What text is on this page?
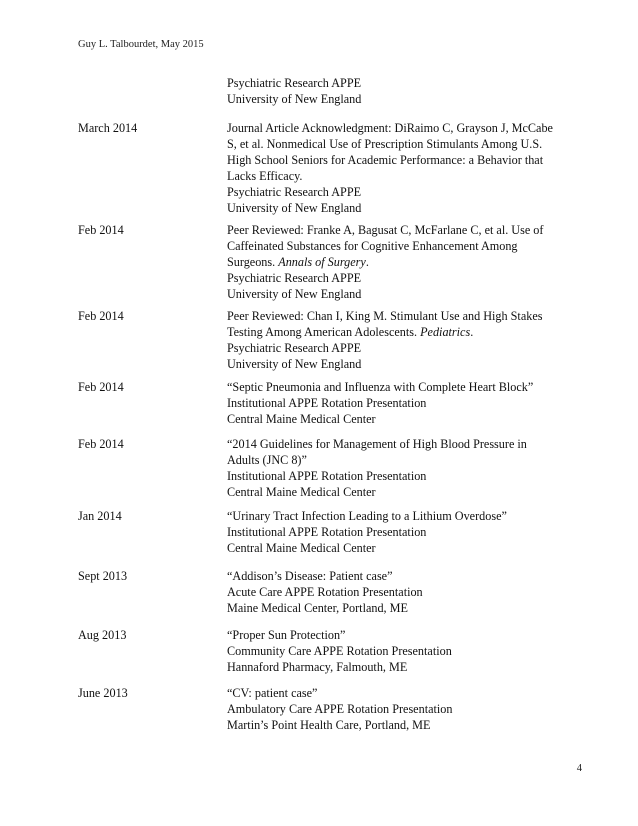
Guy L. Talbourdet, May 2015
Psychiatric Research APPE
University of New England
March 2014	Journal Article Acknowledgment: DiRaimo C, Grayson J, McCabe
S, et al. Nonmedical Use of Prescription Stimulants Among U.S.
High School Seniors for Academic Performance: a Behavior that
Lacks Efficacy.
Psychiatric Research APPE
University of New England
Feb 2014	Peer Reviewed: Franke A, Bagusat C, McFarlane C, et al. Use of
Caffeinated Substances for Cognitive Enhancement Among
Surgeons. Annals of Surgery.
Psychiatric Research APPE
University of New England
Feb 2014	Peer Reviewed: Chan I, King M. Stimulant Use and High Stakes
Testing Among American Adolescents. Pediatrics.
Psychiatric Research APPE
University of New England
Feb 2014	“Septic Pneumonia and Influenza with Complete Heart Block”
Institutional APPE Rotation Presentation
Central Maine Medical Center
Feb 2014	“2014 Guidelines for Management of High Blood Pressure in
Adults (JNC 8)”
Institutional APPE Rotation Presentation
Central Maine Medical Center
Jan 2014	“Urinary Tract Infection Leading to a Lithium Overdose”
Institutional APPE Rotation Presentation
Central Maine Medical Center
Sept 2013	“Addison’s Disease: Patient case”
Acute Care APPE Rotation Presentation
Maine Medical Center, Portland, ME
Aug 2013	“Proper Sun Protection”
Community Care APPE Rotation Presentation
Hannaford Pharmacy, Falmouth, ME
June 2013	“CV: patient case”
Ambulatory Care APPE Rotation Presentation
Martin’s Point Health Care, Portland, ME
4
